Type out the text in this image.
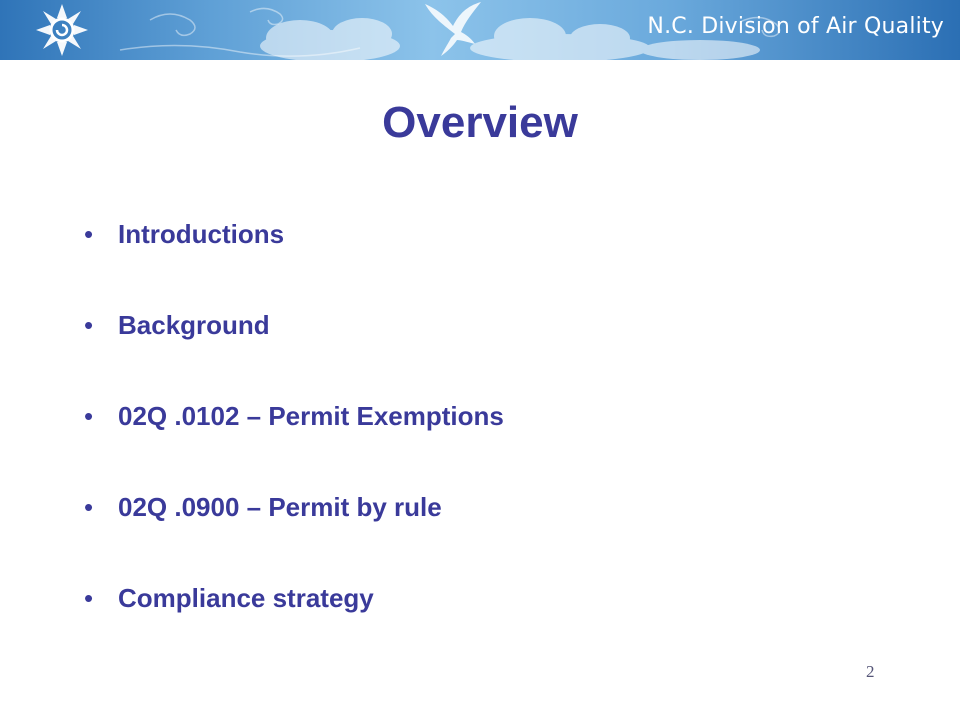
N.C. Division of Air Quality
Overview
• Introductions
• Background
• 02Q .0102 – Permit Exemptions
• 02Q .0900 – Permit by rule
• Compliance strategy
2
